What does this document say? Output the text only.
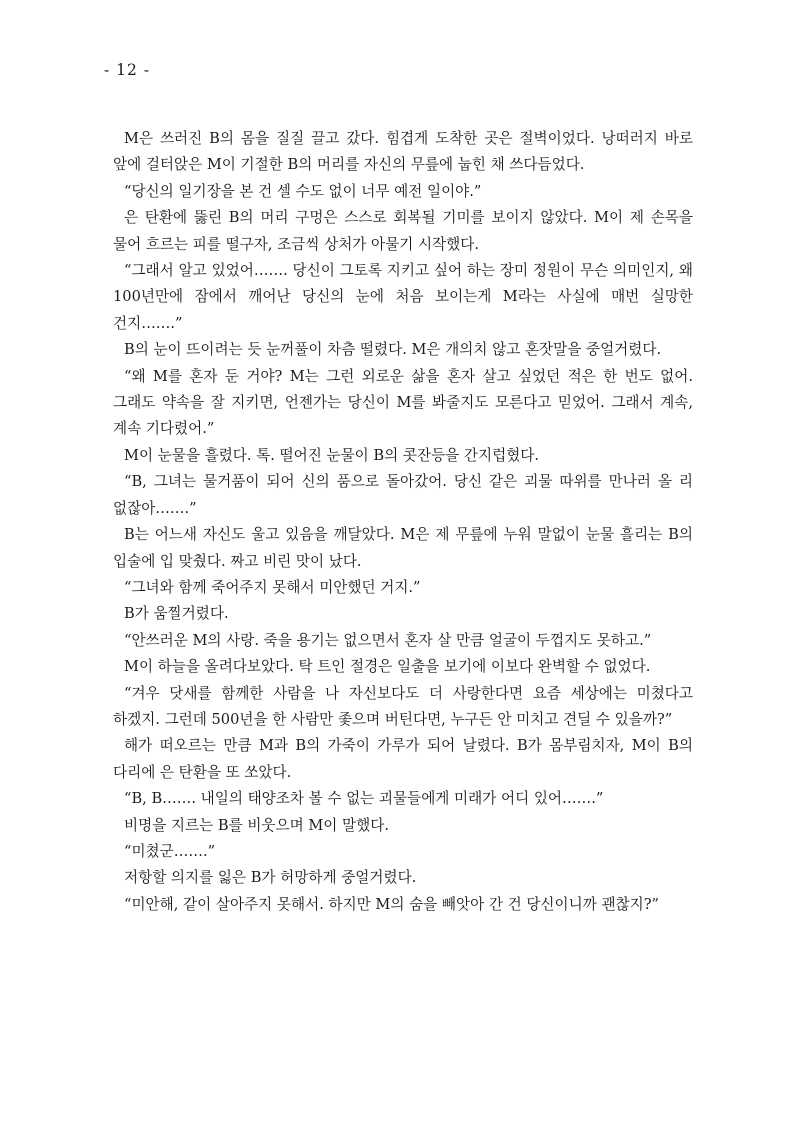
- 12 -

M은 쓰러진 B의 몸을 질질 끌고 갔다. 힘겹게 도착한 곳은 절벽이었다. 낭떠러지 바로 앞에 걸터앉은 M이 기절한 B의 머리를 자신의 무릎에 눕힌 채 쓰다듬었다.

“당신의 일기장을 본 건 셀 수도 없이 너무 예전 일이야.”

은 탄환에 뚫린 B의 머리 구멍은 스스로 회복될 기미를 보이지 않았다. M이 제 손목을 물어 흐르는 피를 떨구자, 조금씩 상처가 아물기 시작했다.

“그래서 알고 있었어……. 당신이 그토록 지키고 싶어 하는 장미 정원이 무슨 의미인지, 왜 100년만에 잠에서 깨어난 당신의 눈에 처음 보이는게 M라는 사실에 매번 실망한 건지…….”

B의 눈이 뜨이려는 듯 눈꺼풀이 차츰 떨렸다. M은 개의치 않고 혼잣말을 중얼거렸다.

“왜 M를 혼자 둔 거야? M는 그런 외로운 삶을 혼자 살고 싶었던 적은 한 번도 없어. 그래도 약속을 잘 지키면, 언젠가는 당신이 M를 봐줄지도 모른다고 믿었어. 그래서 계속, 계속 기다렸어.”

M이 눈물을 흘렸다. 톡. 떨어진 눈물이 B의 콧잔등을 간지럽혔다.

“B, 그녀는 물거품이 되어 신의 품으로 돌아갔어. 당신 같은 괴물 따위를 만나러 올 리 없잖아…….”

B는 어느새 자신도 울고 있음을 깨달았다. M은 제 무릎에 누워 말없이 눈물 흘리는 B의 입술에 입 맞췄다. 짜고 비린 맛이 났다.

“그녀와 함께 죽어주지 못해서 미안했던 거지.”

B가 움찔거렸다.

“안쓰러운 M의 사랑. 죽을 용기는 없으면서 혼자 살 만큼 얼굴이 두껍지도 못하고.”

M이 하늘을 올려다보았다. 탁 트인 절경은 일출을 보기에 이보다 완벽할 수 없었다.

“겨우 닷새를 함께한 사람을 나 자신보다도 더 사랑한다면 요즘 세상에는 미쳤다고 하겠지. 그런데 500년을 한 사람만 좇으며 버틴다면, 누구든 안 미치고 견딜 수 있을까?”

해가 떠오르는 만큼 M과 B의 가죽이 가루가 되어 날렸다. B가 몸부림치자, M이 B의 다리에 은 탄환을 또 쏘았다.

“B, B……. 내일의 태양조차 볼 수 없는 괴물들에게 미래가 어디 있어…….”

비명을 지르는 B를 비웃으며 M이 말했다.

“미쳤군…….”

저항할 의지를 잃은 B가 허망하게 중얼거렸다.

“미안해, 같이 살아주지 못해서. 하지만 M의 숨을 빼앗아 간 건 당신이니까 괜찮지?”
